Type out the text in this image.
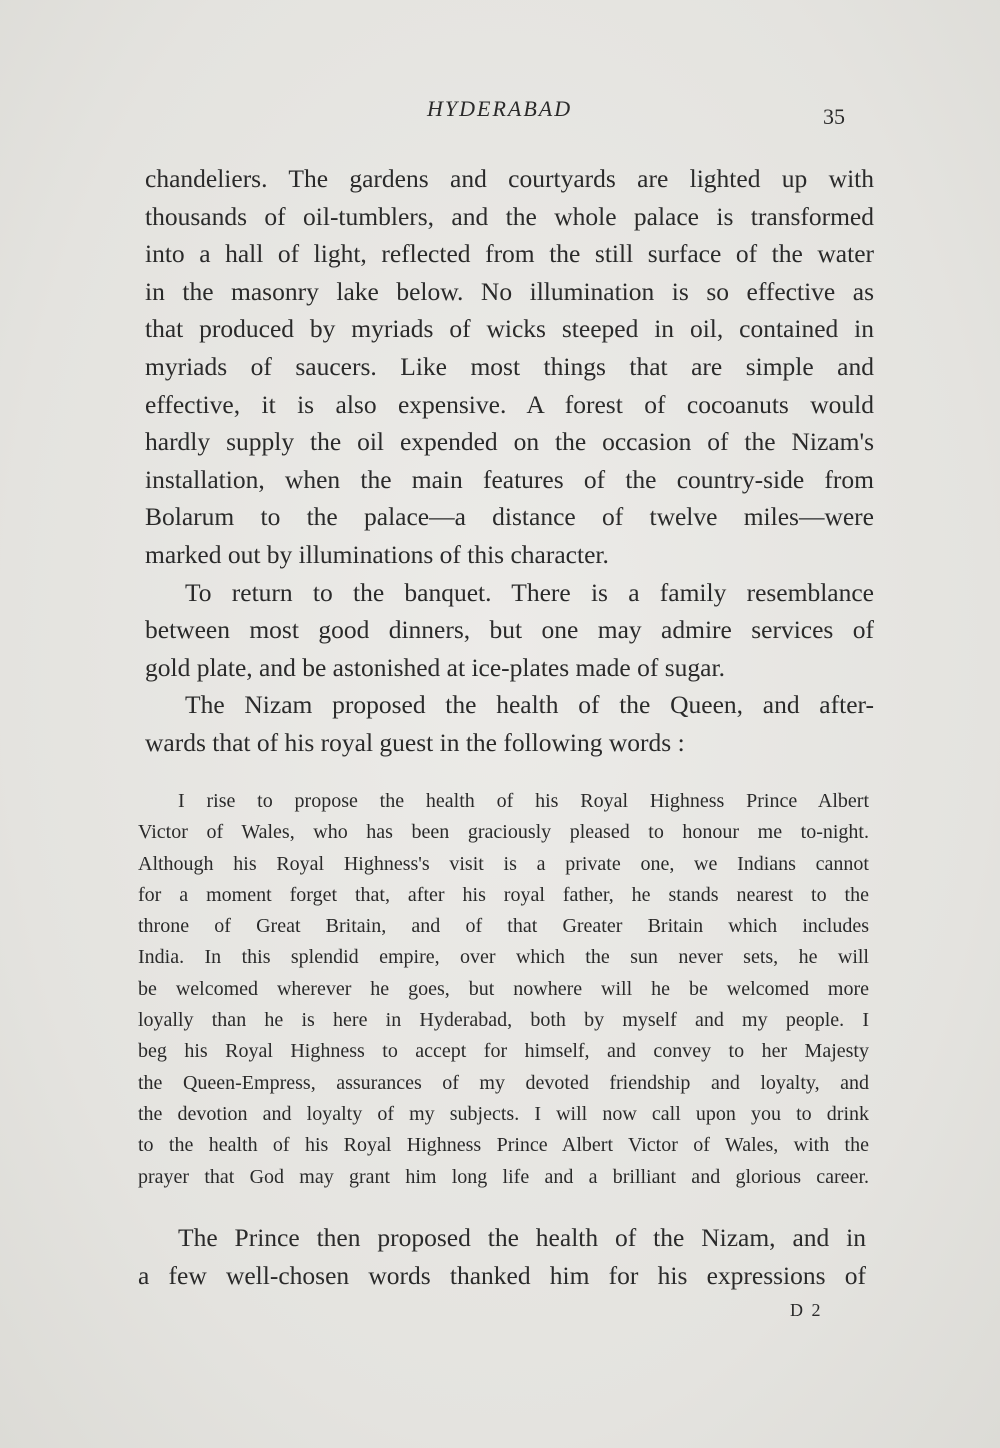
HYDERABAD	35
chandeliers. The gardens and courtyards are lighted up with
thousands of oil-tumblers, and the whole palace is transformed
into a hall of light, reflected from the still surface of the water
in the masonry lake below. No illumination is so effective as
that produced by myriads of wicks steeped in oil, contained in
myriads of saucers. Like most things that are simple and
effective, it is also expensive. A forest of cocoanuts would
hardly supply the oil expended on the occasion of the Nizam's
installation, when the main features of the country-side from
Bolarum to the palace—a distance of twelve miles—were
marked out by illuminations of this character.
To return to the banquet. There is a family resemblance
between most good dinners, but one may admire services of
gold plate, and be astonished at ice-plates made of sugar.
The Nizam proposed the health of the Queen, and after-
wards that of his royal guest in the following words :
I rise to propose the health of his Royal Highness Prince Albert
Victor of Wales, who has been graciously pleased to honour me to-night.
Although his Royal Highness's visit is a private one, we Indians cannot
for a moment forget that, after his royal father, he stands nearest to the
throne of Great Britain, and of that Greater Britain which includes
India. In this splendid empire, over which the sun never sets, he will
be welcomed wherever he goes, but nowhere will he be welcomed more
loyally than he is here in Hyderabad, both by myself and my people. I
beg his Royal Highness to accept for himself, and convey to her Majesty
the Queen-Empress, assurances of my devoted friendship and loyalty, and
the devotion and loyalty of my subjects. I will now call upon you to drink
to the health of his Royal Highness Prince Albert Victor of Wales, with the
prayer that God may grant him long life and a brilliant and glorious career.
The Prince then proposed the health of the Nizam, and in
a few well-chosen words thanked him for his expressions of
D 2
